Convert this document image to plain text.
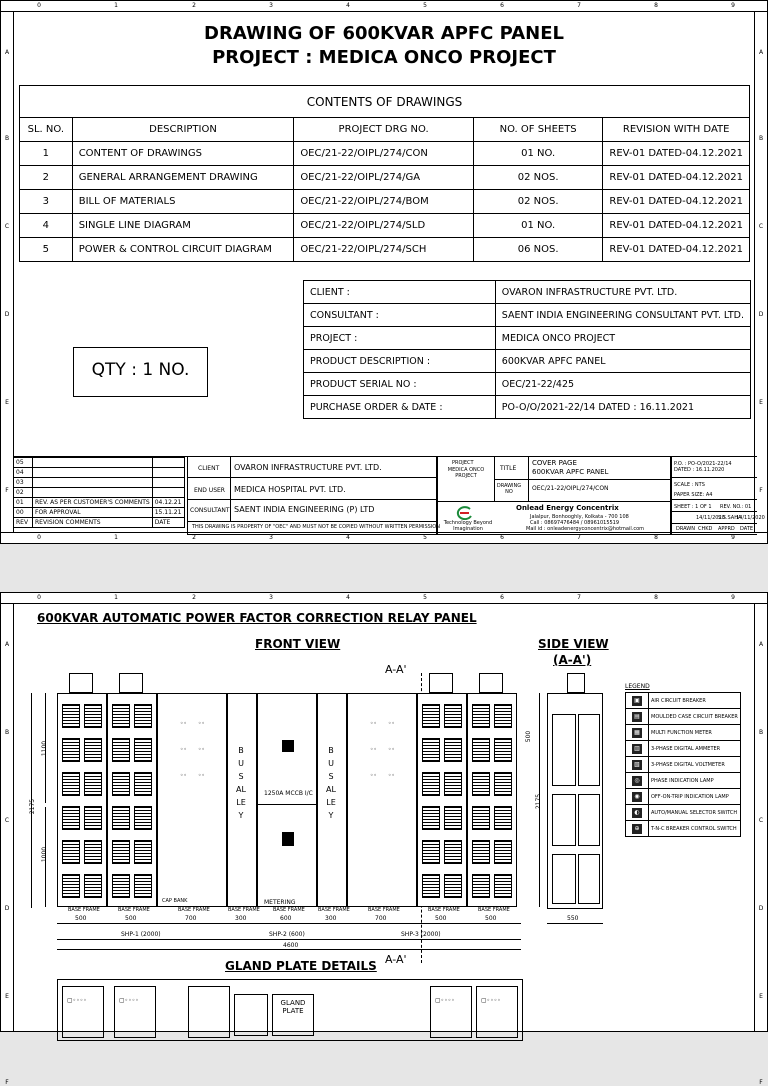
0	1	2	3	4	5	6	7	8	9
0	1	2	3	4	5	6	7	8	9
A
B
C
D
E
F
A
B
C
D
E
F
DRAWING OF 600KVAR APFC PANEL
PROJECT : MEDICA ONCO PROJECT
CONTENTS OF DRAWINGS				
SL. NO.	DESCRIPTION	PROJECT DRG NO.	NO. OF SHEETS	REVISION WITH DATE
1	CONTENT OF DRAWINGS	OEC/21-22/OIPL/274/CON	01 NO.	REV-01 DATED-04.12.2021
2	GENERAL ARRANGEMENT DRAWING	OEC/21-22/OIPL/274/GA	02 NOS.	REV-01 DATED-04.12.2021
3	BILL OF MATERIALS	OEC/21-22/OIPL/274/BOM	02 NOS.	REV-01 DATED-04.12.2021
4	SINGLE LINE DIAGRAM	OEC/21-22/OIPL/274/SLD	01 NO.	REV-01 DATED-04.12.2021
5	POWER & CONTROL CIRCUIT DIAGRAM	OEC/21-22/OIPL/274/SCH	06 NOS.	REV-01 DATED-04.12.2021
QTY : 1 NO.
CLIENT :	OVARON INFRASTRUCTURE PVT. LTD.
CONSULTANT :	SAENT INDIA ENGINEERING CONSULTANT PVT. LTD.
PROJECT :	MEDICA ONCO PROJECT
PRODUCT DESCRIPTION :	600KVAR APFC PANEL
PRODUCT SERIAL NO :	OEC/21-22/425
PURCHASE ORDER & DATE :	PO-O/O/2021-22/14 DATED : 16.11.2021
05		
04		
03		
02		
01	REV. AS PER CUSTOMER'S COMMENTS	04.12.21
00	FOR APPROVAL	15.11.21
REV	REVISION COMMENTS	DATE
CLIENT OVARON INFRASTRUCTURE PVT. LTD.
END USER MEDICA HOSPITAL PVT. LTD.
CONSULTANT SAENT INDIA ENGINEERING (P) LTD
THIS DRAWING IS PROPERTY OF "OEC" AND MUST NOT BE COPIED WITHOUT WRITTEN PERMISSION
PROJECT
MEDICA ONCO PROJECT
TITLE
COVER PAGE
600KVAR APFC PANEL
DRAWING NO	OEC/21-22/OIPL/274/CON
Technology Beyond Imagination
Onlead Energy Concentrix
Jalalpur, Bonhooghly, Kolkata - 700 108
Call : 08697476484 / 08961015519
Mail id : onleadenergyconcentrix@hotmail.com
P.O. : PO-O/2021-22/14
DATED : 16.11.2020
SCALE : NTS
PAPER SIZE: A4
SHEET : 1 OF 1 REV. NO.: 01
14/11/2020
S.S.SAHA
14/11/2020
DRAWN CHKD APPRD DATE
0	1	2	3	4	5	6	7	8	9
A
B
C
D
E
F
A
B
C
D
E
F
600KVAR AUTOMATIC POWER FACTOR CORRECTION RELAY PANEL
FRONT VIEW	SIDE VIEW
(A-A')
A-A'
BASE FRAME
500
BASE FRAME
500
◦◦ ◦◦
◦◦ ◦◦
◦◦ ◦◦
CAP BANK
BASE FRAME
700
BUS ALLEY
BASE FRAME
300
1250A MCCB I/C
METERING
BASE FRAME
600
BUS ALLEY
BASE FRAME
300
◦◦ ◦◦
◦◦ ◦◦
◦◦ ◦◦
BASE FRAME
700
BASE FRAME
500
BASE FRAME
500
2175
1100
1000
SHP-1 (2000)	SHP-2 (600)	SHP-3 (2000)
4600
A-A'
2175
500
550
LEGEND
▣	AIR CIRCUIT BREAKER
▤	MOULDED CASE CIRCUIT BREAKER
▦	MULTI FUNCTION METER
▥	3-PHASE DIGITAL AMMETER
▧	3-PHASE DIGITAL VOLTMETER
◎	PHASE INDICATION LAMP
◉	OFF-ON-TRIP INDICATION LAMP
◐	AUTO/MANUAL SELECTOR SWITCH
⊕	T-N-C BREAKER CONTROL SWITCH
GLAND PLATE DETAILS
▢◦◦◦◦	▢◦◦◦◦	GLAND PLATE
▢◦◦◦◦	▢◦◦◦◦
